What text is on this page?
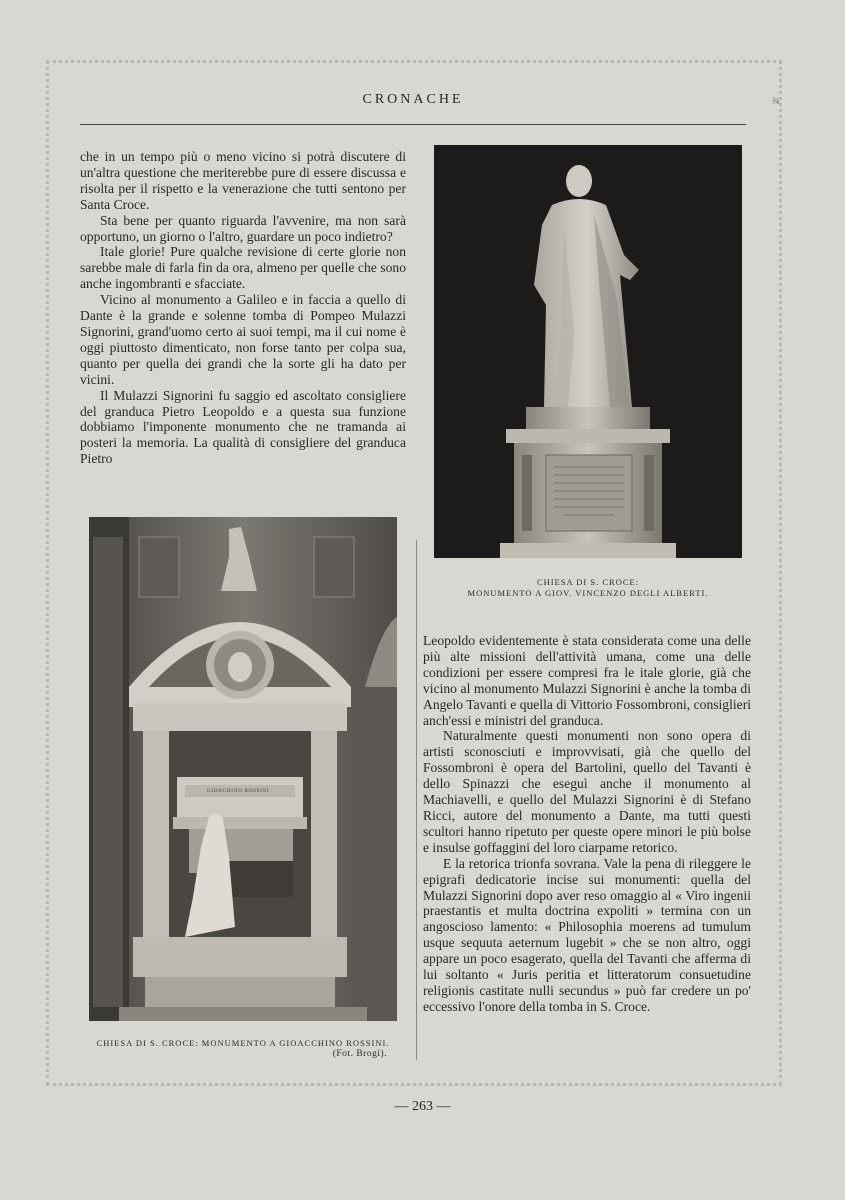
CRONACHE	¾

che in un tempo più o meno vicino si potrà discutere di un'altra questione che meriterebbe pure di essere discussa e risolta per il rispetto e la venerazione che tutti sentono per Santa Croce.

Sta bene per quanto riguarda l'avvenire, ma non sarà opportuno, un giorno o l'altro, guardare un poco indietro?

Itale glorie! Pure qualche revisione di certe glorie non sarebbe male di farla fin da ora, almeno per quelle che sono anche ingombranti e sfacciate.

Vicino al monumento a Galileo e in faccia a quello di Dante è la grande e solenne tomba di Pompeo Mulazzi Signorini, grand'uomo certo ai suoi tempi, ma il cui nome è oggi piuttosto dimenticato, non forse tanto per colpa sua, quanto per quella dei grandi che la sorte gli ha dato per vicini.

Il Mulazzi Signorini fu saggio ed ascoltato consigliere del granduca Pietro Leopoldo e a questa sua funzione dobbiamo l'imponente monumento che ne tramanda ai posteri la memoria. La qualità di consigliere del granduca Pietro

CHIESA DI S. CROCE:
MONUMENTO A GIOV. VINCENZO DEGLI ALBERTI.
GIOACHINO ROSSINI
CHIESA DI S. CROCE: MONUMENTO A GIOACCHINO ROSSINI.
(Fot. Brogi).

Leopoldo evidentemente è stata considerata come una delle più alte missioni dell'attività umana, come una delle condizioni per essere compresi fra le itale glorie, già che vicino al monumento Mulazzi Signorini è anche la tomba di Angelo Tavanti e quella di Vittorio Fossombroni, consiglieri anch'essi e ministri del granduca.

Naturalmente questi monumenti non sono opera di artisti sconosciuti e improvvisati, già che quello del Fossombroni è opera del Bartolini, quello del Tavanti è dello Spinazzi che eseguì anche il monumento al Machiavelli, e quello del Mulazzi Signorini è di Stefano Ricci, autore del monumento a Dante, ma tutti questi scultori hanno ripetuto per queste opere minori le più bolse e insulse goffaggini del loro ciarpame retorico.

E la retorica trionfa sovrana. Vale la pena di rileggere le epigrafi dedicatorie incise sui monumenti: quella del Mulazzi Signorini dopo aver reso omaggio al « Viro ingenii praestantis et multa doctrina expoliti » termina con un angoscioso lamento: « Philosophia moerens ad tumulum usque sequuta aeternum lugebit » che se non altro, oggi appare un poco esagerato, quella del Tavanti che afferma di lui soltanto « Juris peritia et litteratorum consuetudine religionis castitate nulli secundus » può far credere un po' eccessivo l'onore della tomba in S. Croce.

— 263 —
